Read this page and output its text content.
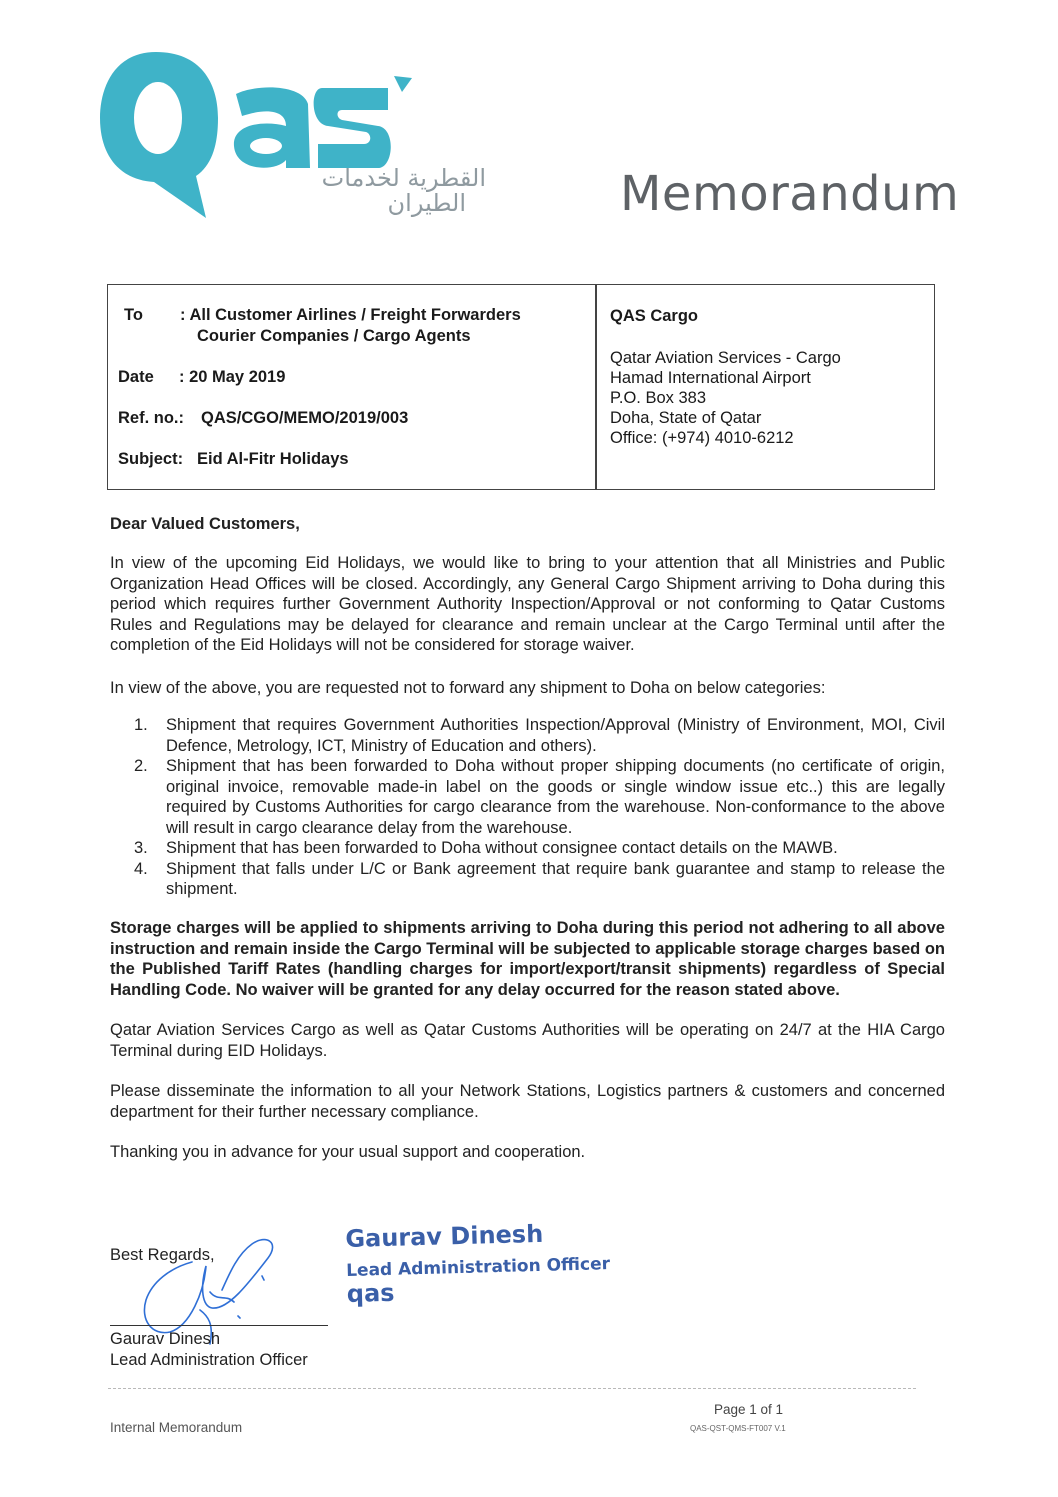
القطرية لخدمات
الطيران	Memorandum
To : All Customer Airlines / Freight Forwarders
Courier Companies / Cargo Agents
Date : 20 May 2019
Ref. no.: QAS/CGO/MEMO/2019/003
Subject: Eid Al-Fitr Holidays
QAS Cargo
Qatar Aviation Services - Cargo
Hamad International Airport
P.O. Box 383
Doha, State of Qatar
Office: (+974) 4010-6212
Dear Valued Customers,
In view of the upcoming Eid Holidays, we would like to bring to your attention that all Ministries and Public Organization Head Offices will be closed. Accordingly, any General Cargo Shipment arriving to Doha during this period which requires further Government Authority Inspection/Approval or not conforming to Qatar Customs Rules and Regulations may be delayed for clearance and remain unclear at the Cargo Terminal until after the completion of the Eid Holidays will not be considered for storage waiver.
In view of the above, you are requested not to forward any shipment to Doha on below categories:
1. Shipment that requires Government Authorities Inspection/Approval (Ministry of Environment, MOI, Civil Defence, Metrology, ICT, Ministry of Education and others).
2. Shipment that has been forwarded to Doha without proper shipping documents (no certificate of origin, original invoice, removable made-in label on the goods or single window issue etc..) this are legally required by Customs Authorities for cargo clearance from the warehouse. Non-conformance to the above will result in cargo clearance delay from the warehouse.
3. Shipment that has been forwarded to Doha without consignee contact details on the MAWB.
4. Shipment that falls under L/C or Bank agreement that require bank guarantee and stamp to release the shipment.
Storage charges will be applied to shipments arriving to Doha during this period not adhering to all above instruction and remain inside the Cargo Terminal will be subjected to applicable storage charges based on the Published Tariff Rates (handling charges for import/export/transit shipments) regardless of Special Handling Code. No waiver will be granted for any delay occurred for the reason stated above.
Qatar Aviation Services Cargo as well as Qatar Customs Authorities will be operating on 24/7 at the HIA Cargo Terminal during EID Holidays.
Please disseminate the information to all your Network Stations, Logistics partners & customers and concerned department for their further necessary compliance.
Thanking you in advance for your usual support and cooperation.
Best Regards,
Gaurav Dinesh
Lead Administration Officer
Gaurav Dinesh
Lead Administration Officer
qas
Page 1 of 1
Internal Memorandum	QAS-QST-QMS-FT007 V.1
